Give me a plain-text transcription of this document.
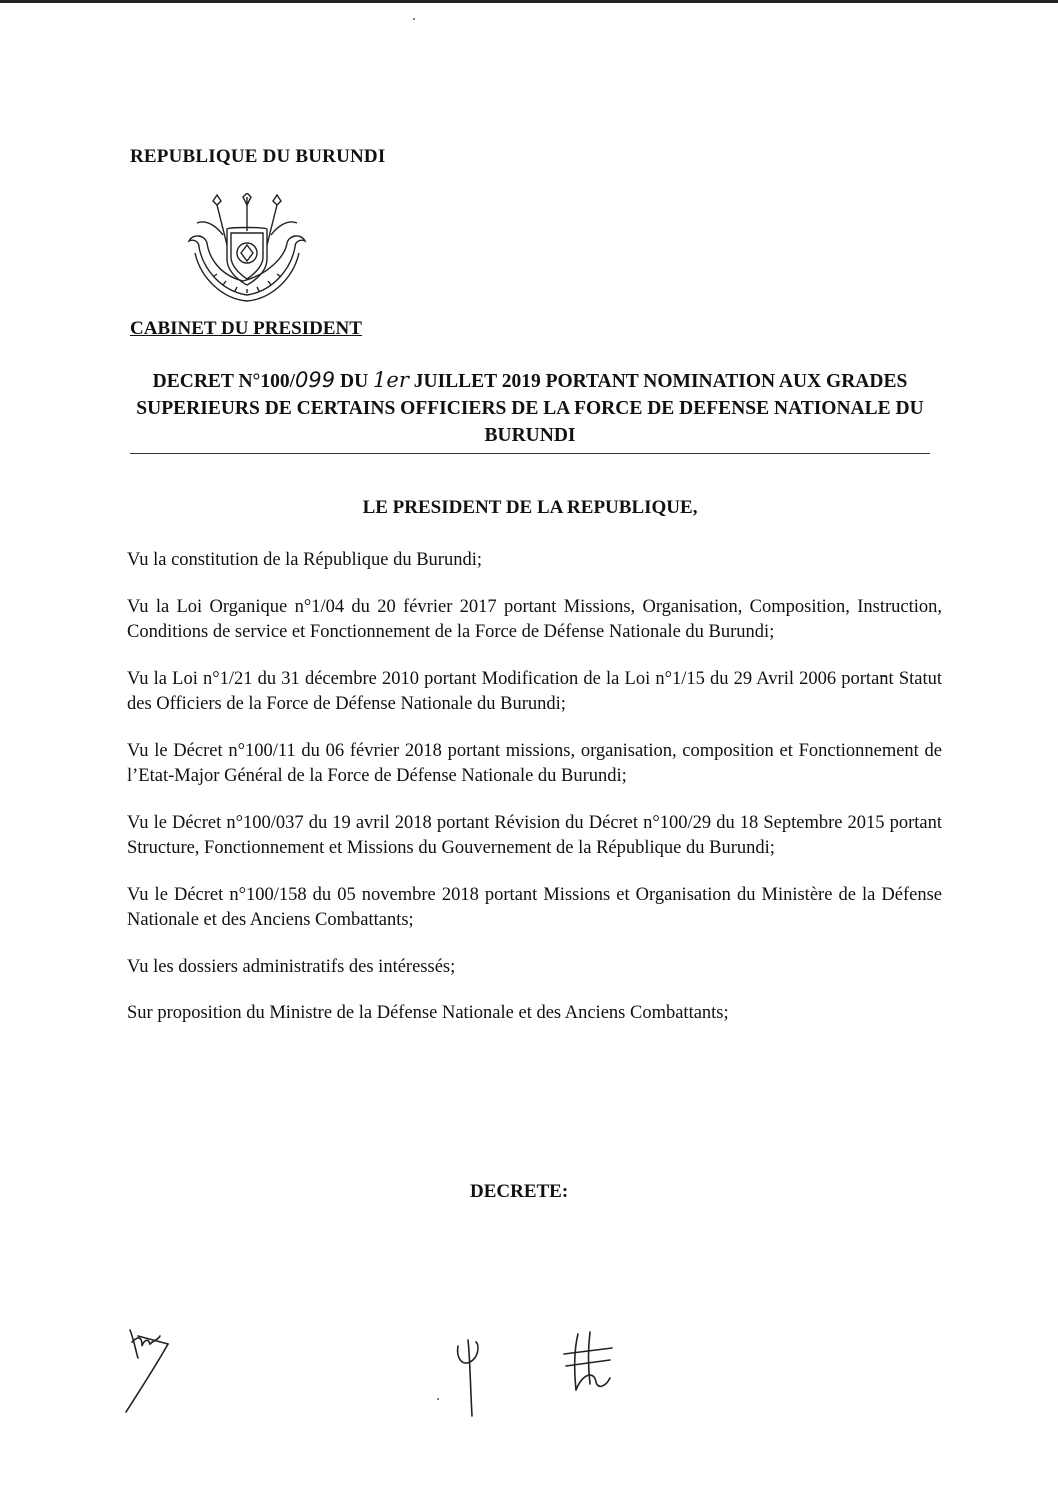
REPUBLIQUE DU BURUNDI
CABINET DU PRESIDENT
DECRET N°100/099 DU 1er JUILLET 2019 PORTANT NOMINATION AUX GRADES SUPERIEURS DE CERTAINS OFFICIERS DE LA FORCE DE DEFENSE NATIONALE DU BURUNDI
LE PRESIDENT DE LA REPUBLIQUE,

Vu la constitution de la République du Burundi;

Vu la Loi Organique n°1/04 du 20 février 2017 portant Missions, Organisation, Composition, Instruction, Conditions de service et Fonctionnement de la Force de Défense Nationale du Burundi;

Vu la Loi n°1/21 du 31 décembre 2010 portant Modification de la Loi n°1/15 du 29 Avril 2006 portant Statut des Officiers de la Force de Défense Nationale du Burundi;

Vu le Décret n°100/11 du 06 février 2018 portant missions, organisation, composition et Fonctionnement de l’Etat-Major Général de la Force de Défense Nationale du Burundi;

Vu le Décret n°100/037 du 19 avril 2018 portant Révision du Décret n°100/29 du 18 Septembre 2015 portant Structure, Fonctionnement et Missions du Gouvernement de la République du Burundi;

Vu le Décret n°100/158 du 05 novembre 2018 portant Missions et Organisation du Ministère de la Défense Nationale et des Anciens Combattants;

Vu les dossiers administratifs des intéressés;

Sur proposition du Ministre de la Défense Nationale et des Anciens Combattants;

DECRETE:
